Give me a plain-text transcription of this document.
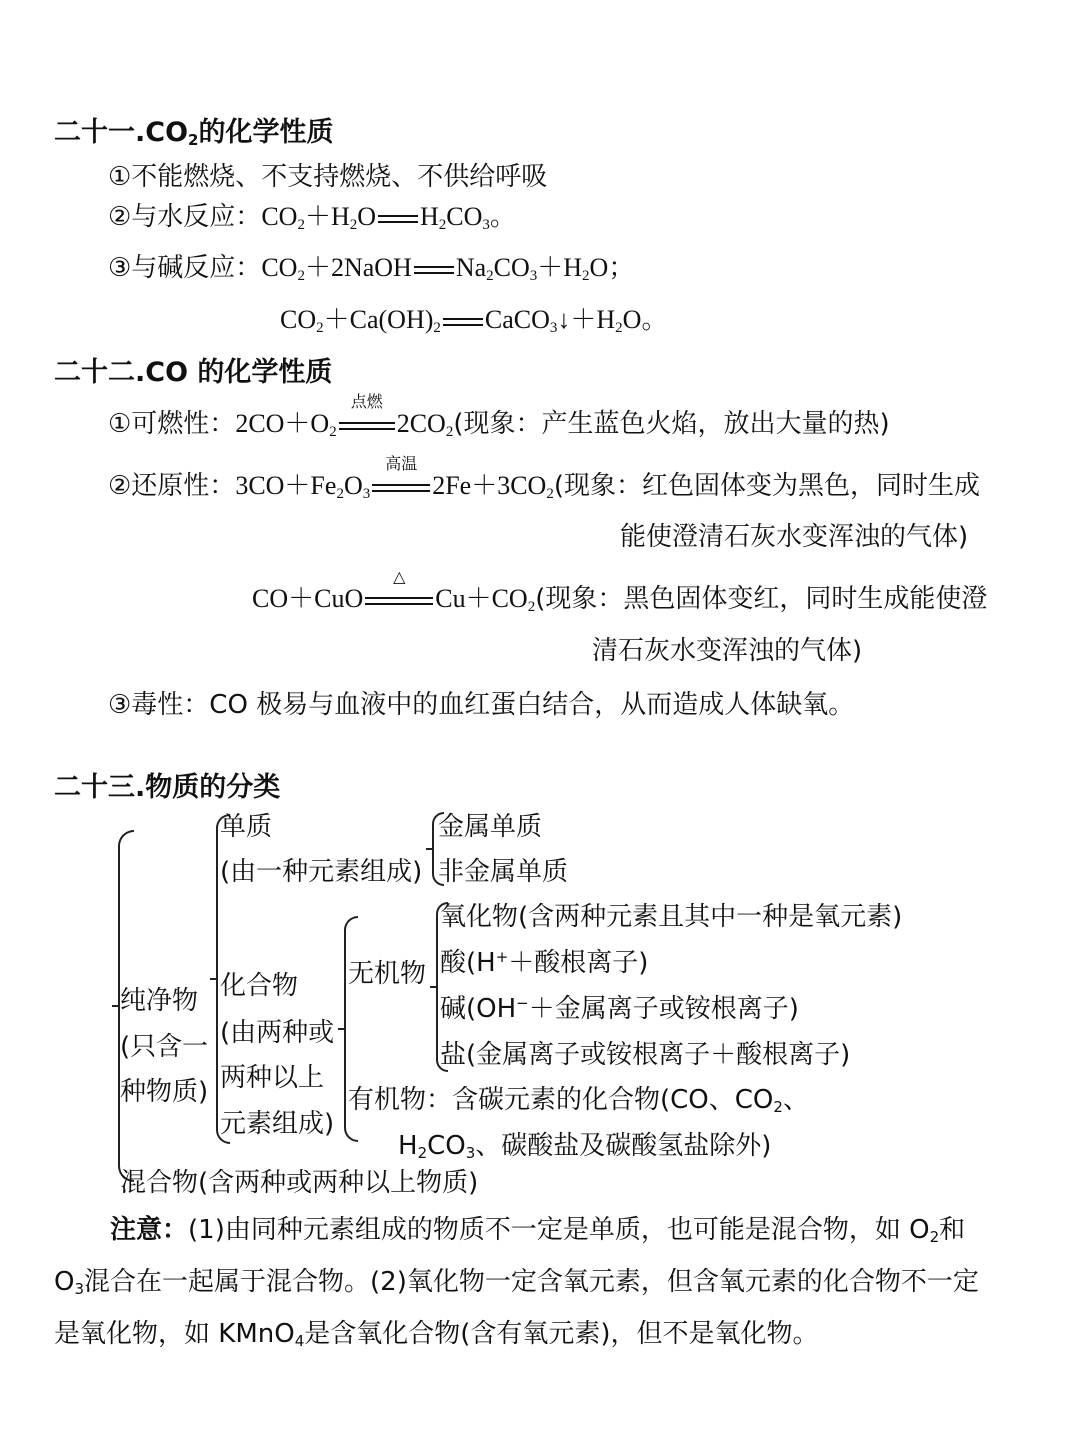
二十一$.CO_2$的化学性质
①不能燃烧、不支持燃烧、不供给呼吸
②与水反应：$CO_2+H_2O$ $H_2CO_3$。
③与碱反应：$CO_2+2NaOH$ $Na_2CO_3+H_2O$；
$CO_2+Ca(OH)_2$ $CaCO_3↓+H_2O$。
二十二.CO 的化学性质
①可燃性：$2CO+O_2$
点燃
$2CO_2$(现象：产生蓝色火焰，放出大量的热)
②还原性：$3CO+Fe_2O_3$
高温
$2Fe+3CO_2$(现象：红色固体变为黑色，同时生成
能使澄清石灰水变浑浊的气体)
CO＋CuO
△
$Cu+CO_2$(现象：黑色固体变红，同时生成能使澄
清石灰水变浑浊的气体)
③毒性：CO 极易与血液中的血红蛋白结合，从而造成人体缺氧。
二十三.物质的分类
纯净物
(只含一
种物质)
单质
(由一种元素组成)
金属单质
非金属单质
化合物
(由两种或
两种以上
元素组成)
无机物
氧化物(含两种元素且其中一种是氧元素)
酸(H+＋酸根离子)
碱(OH−＋金属离子或铵根离子)
盐(金属离子或铵根离子＋酸根离子)
有机物：含碳元素的化合物(CO、$CO_2$、
$H_2CO_3$、碳酸盐及碳酸氢盐除外)
混合物(含两种或两种以上物质)
注意：(1)由同种元素组成的物质不一定是单质，也可能是混合物，如 $O_2$和
$O_3$混合在一起属于混合物。(2)氧化物一定含氧元素，但含氧元素的化合物不一定
是氧化物，如 KMnO$_4$是含氧化合物(含有氧元素)，但不是氧化物。
